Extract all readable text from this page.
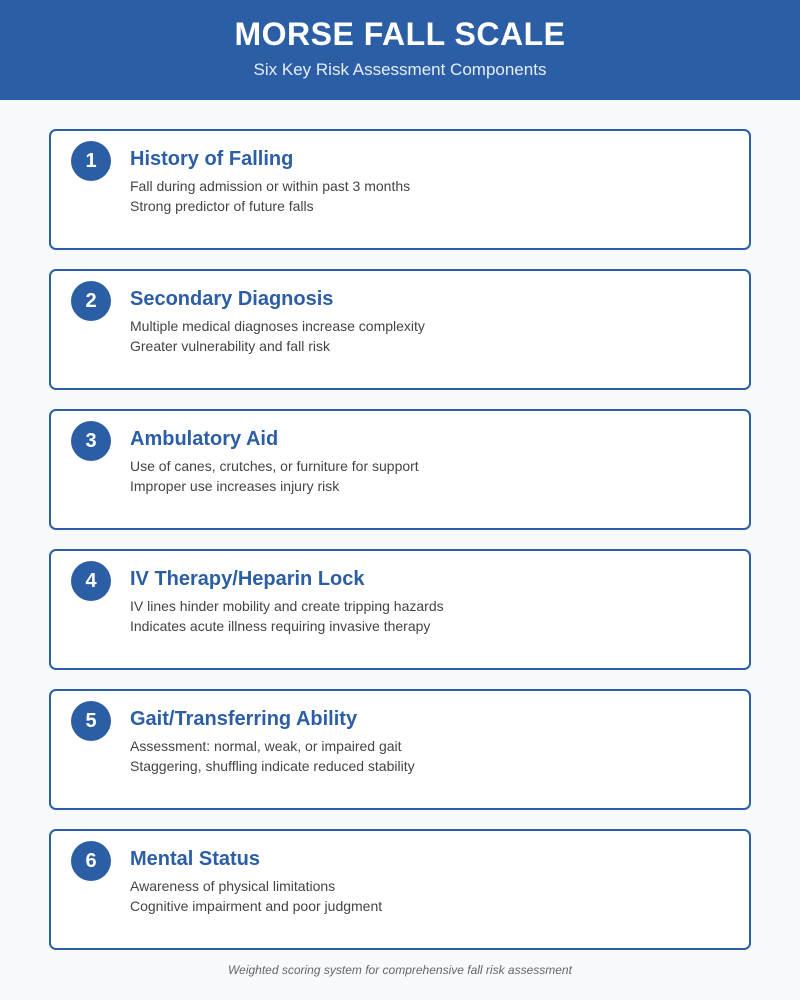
MORSE FALL SCALE
Six Key Risk Assessment Components
1	History of Falling
Fall during admission or within past 3 months
Strong predictor of future falls
2	Secondary Diagnosis
Multiple medical diagnoses increase complexity
Greater vulnerability and fall risk
3	Ambulatory Aid
Use of canes, crutches, or furniture for support
Improper use increases injury risk
4	IV Therapy/Heparin Lock
IV lines hinder mobility and create tripping hazards
Indicates acute illness requiring invasive therapy
5	Gait/Transferring Ability
Assessment: normal, weak, or impaired gait
Staggering, shuffling indicate reduced stability
6	Mental Status
Awareness of physical limitations
Cognitive impairment and poor judgment
Weighted scoring system for comprehensive fall risk assessment
